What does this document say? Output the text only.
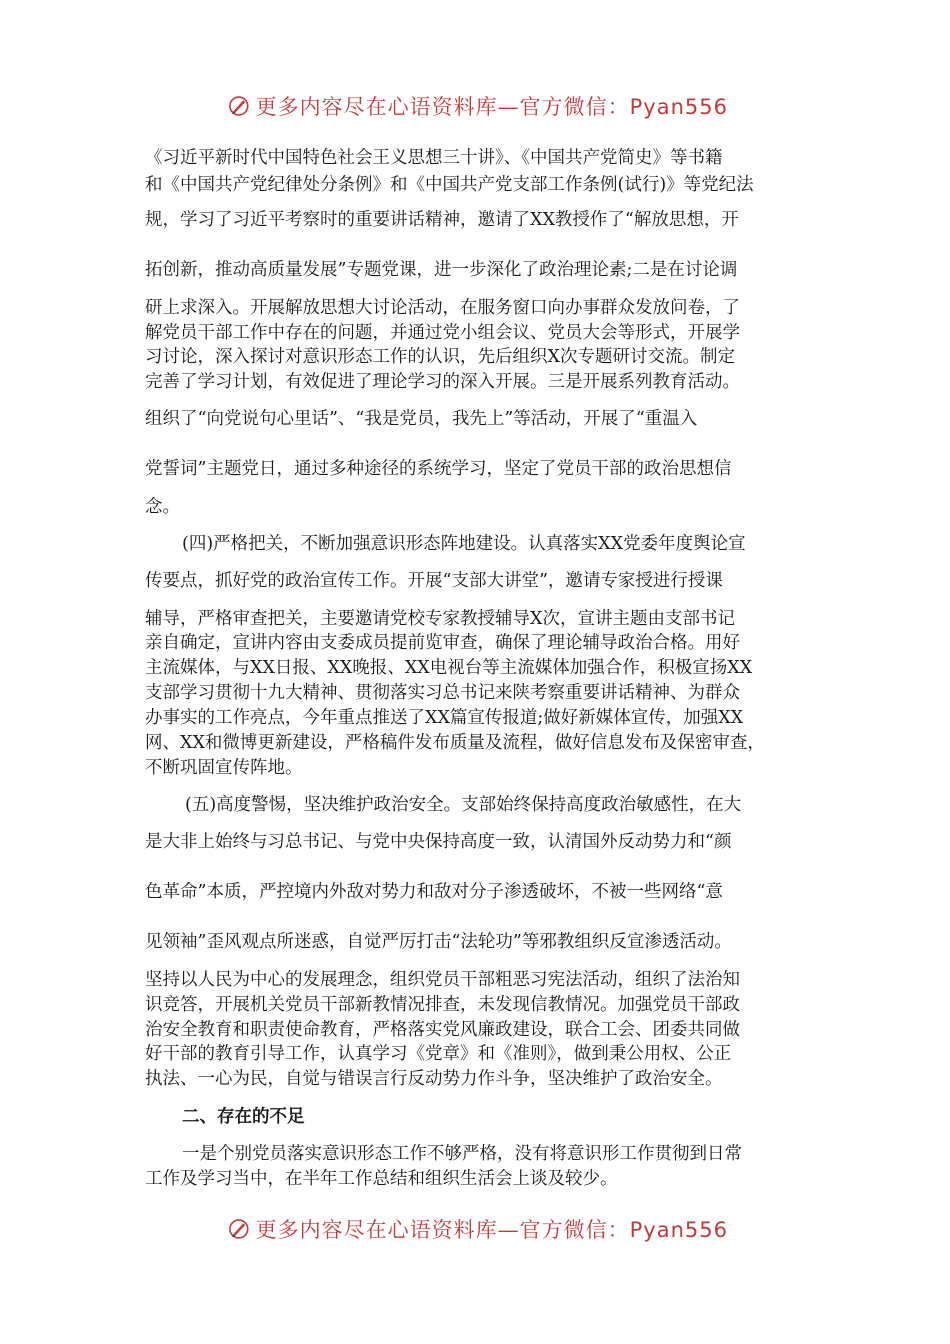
更多内容尽在心语资料库—官方微信：Pyan556
《习近平新时代中国特色社会王义思想三十讲》、《中国共产党简史》等书籍
和《中国共产党纪律处分条例》和《中国共产党支部工作条例(试行)》等党纪法
规，学习了习近平考察时的重要讲话精神，邀请了XX教授作了“解放思想，开
拓创新，推动高质量发展”专题党课，进一步深化了政治理论素;二是在讨论调
研上求深入。开展解放思想大讨论活动，在服务窗口向办事群众发放问卷，了
解党员干部工作中存在的问题，并通过党小组会议、党员大会等形式，开展学
习讨论，深入探讨对意识形态工作的认识，先后组织X次专题研讨交流。制定
完善了学习计划，有效促进了理论学习的深入开展。三是开展系列教育活动。
组织了“向党说句心里话”、“我是党员，我先上”等活动，开展了“重温入
党誓词”主题党日，通过多种途径的系统学习，坚定了党员干部的政治思想信
念。
(四)严格把关，不断加强意识形态阵地建设。认真落实XX党委年度舆论宣
传要点，抓好党的政治宣传工作。开展“支部大讲堂”，邀请专家授进行授课
辅导，严格审查把关，主要邀请党校专家教授辅导X次，宣讲主题由支部书记
亲自确定，宣讲内容由支委成员提前览审查，确保了理论辅导政治合格。用好
主流媒体，与XX日报、XX晚报、XX电视台等主流媒体加强合作，积极宣扬XX
支部学习贯彻十九大精神、贯彻落实习总书记来陕考察重要讲话精神、为群众
办事实的工作亮点，今年重点推送了XX篇宣传报道;做好新媒体宣传，加强XX
网、XX和微博更新建设，严格稿件发布质量及流程，做好信息发布及保密审查，
不断巩固宣传阵地。
(五)高度警惕，坚决维护政治安全。支部始终保持高度政治敏感性，在大
是大非上始终与习总书记、与党中央保持高度一致，认清国外反动势力和“颜
色革命”本质，严控境内外敌对势力和敌对分子渗透破坏，不被一些网络“意
见领袖”歪风观点所迷惑，自觉严厉打击“法轮功”等邪教组织反宣渗透活动。
坚持以人民为中心的发展理念，组织党员干部粗恶习宪法活动，组织了法治知
识竞答，开展机关党员干部新教情况排查，未发现信教情况。加强党员干部政
治安全教育和职责使命教育，严格落实党风廉政建设，联合工会、团委共同做
好干部的教育引导工作，认真学习《党章》和《准则》，做到秉公用权、公正
执法、一心为民，自觉与错误言行反动势力作斗争，坚决维护了政治安全。
二、存在的不足
一是个别党员落实意识形态工作不够严格，没有将意识形工作贯彻到日常
工作及学习当中，在半年工作总结和组织生活会上谈及较少。
更多内容尽在心语资料库—官方微信：Pyan556
